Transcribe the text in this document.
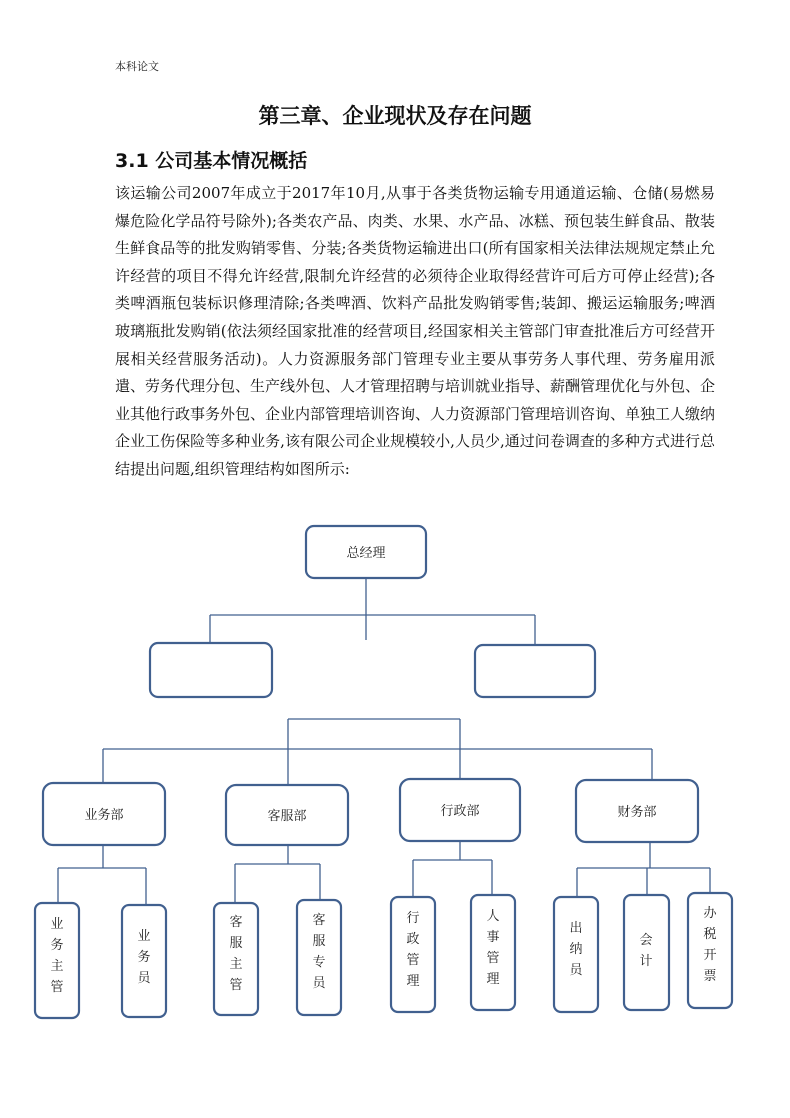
本科论文
第三章、企业现状及存在问题
3.1 公司基本情况概括
该运输公司2007年成立于2017年10月,从事于各类货物运输专用通道运输、仓储(易燃易爆危险化学品符号除外);各类农产品、肉类、水果、水产品、冰糕、预包装生鲜食品、散装生鲜食品等的批发购销零售、分装;各类货物运输进出口(所有国家相关法律法规规定禁止允许经营的项目不得允许经营,限制允许经营的必须待企业取得经营许可后方可停止经营);各类啤酒瓶包装标识修理清除;各类啤酒、饮料产品批发购销零售;装卸、搬运运输服务;啤酒玻璃瓶批发购销(依法须经国家批准的经营项目,经国家相关主管部门审查批准后方可经营开展相关经营服务活动)。人力资源服务部门管理专业主要从事劳务人事代理、劳务雇用派遣、劳务代理分包、生产线外包、人才管理招聘与培训就业指导、薪酬管理优化与外包、企业其他行政事务外包、企业内部管理培训咨询、人力资源部门管理培训咨询、单独工人缴纳企业工伤保险等多种业务,该有限公司企业规模较小,人员少,通过问卷调查的多种方式进行总结提出问题,组织管理结构如图所示:
总经理
业务部	客服部	行政部	财务部
业务主管
业务员
客服主管
客服专员
行政管理
人事管理
出纳员
会计
办税开票
